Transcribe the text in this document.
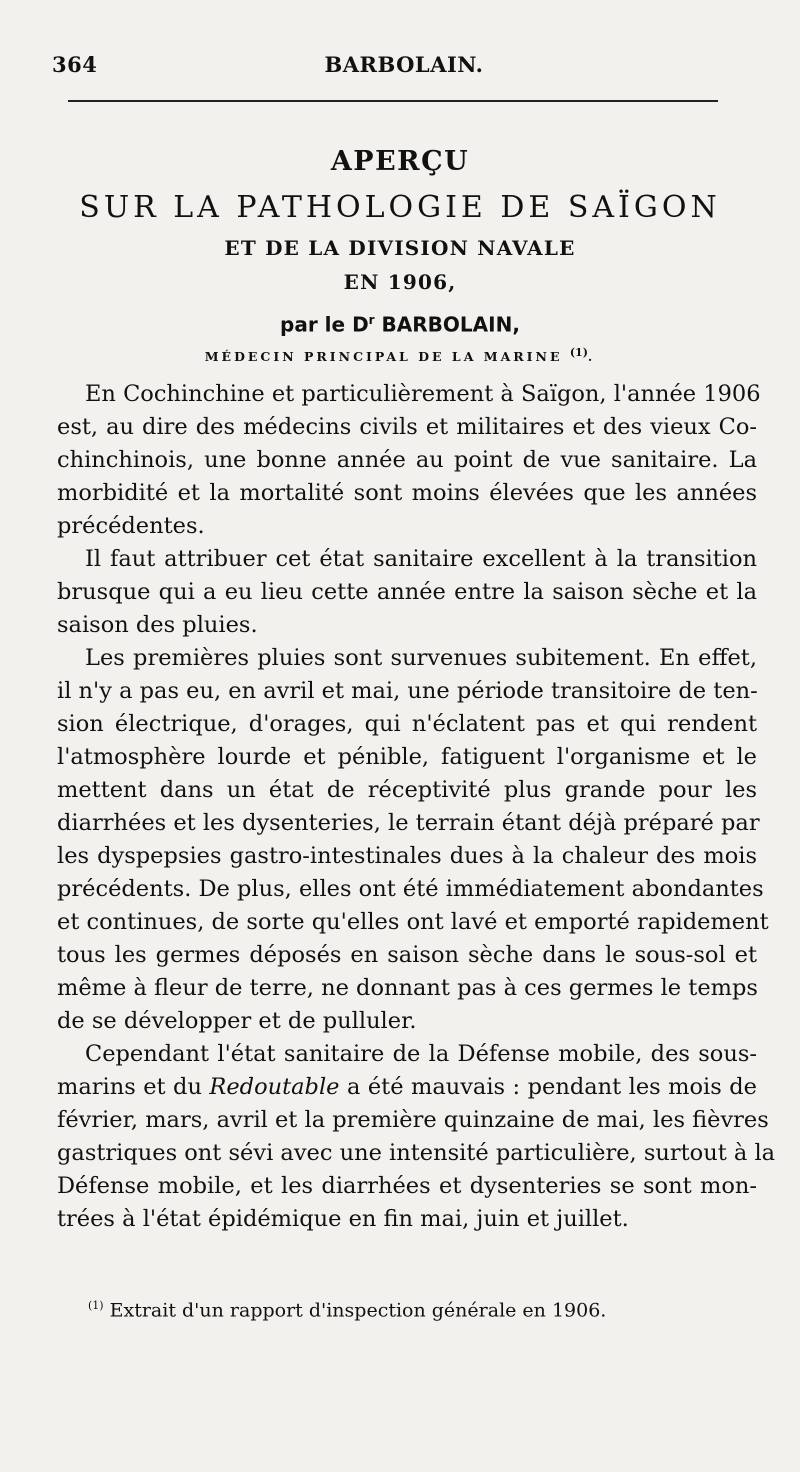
364	BARBOLAIN.
APERÇU
SUR LA PATHOLOGIE DE SAÏGON
ET DE LA DIVISION NAVALE
EN 1906,
par le $D^r$ BARBOLAIN,
MÉDECIN PRINCIPAL DE LA MARINE $^{(1)}$.
En Cochinchine et particulièrement à Saïgon, l'année 1906
est, au dire des médecins civils et militaires et des vieux Co-
chinchinois, une bonne année au point de vue sanitaire. La
morbidité et la mortalité sont moins élevées que les années
précédentes.
Il faut attribuer cet état sanitaire excellent à la transition
brusque qui a eu lieu cette année entre la saison sèche et la
saison des pluies.
Les premières pluies sont survenues subitement. En effet,
il n'y a pas eu, en avril et mai, une période transitoire de ten-
sion électrique, d'orages, qui n'éclatent pas et qui rendent
l'atmosphère lourde et pénible, fatiguent l'organisme et le
mettent dans un état de réceptivité plus grande pour les
diarrhées et les dysenteries, le terrain étant déjà préparé par
les dyspepsies gastro-intestinales dues à la chaleur des mois
précédents. De plus, elles ont été immédiatement abondantes
et continues, de sorte qu'elles ont lavé et emporté rapidement
tous les germes déposés en saison sèche dans le sous-sol et
même à fleur de terre, ne donnant pas à ces germes le temps
de se développer et de pulluler.
Cependant l'état sanitaire de la Défense mobile, des sous-
marins et du Redoutable a été mauvais : pendant les mois de
février, mars, avril et la première quinzaine de mai, les fièvres
gastriques ont sévi avec une intensité particulière, surtout à la
Défense mobile, et les diarrhées et dysenteries se sont mon-
trées à l'état épidémique en fin mai, juin et juillet.
$^{(1)}$ Extrait d'un rapport d'inspection générale en 1906.
